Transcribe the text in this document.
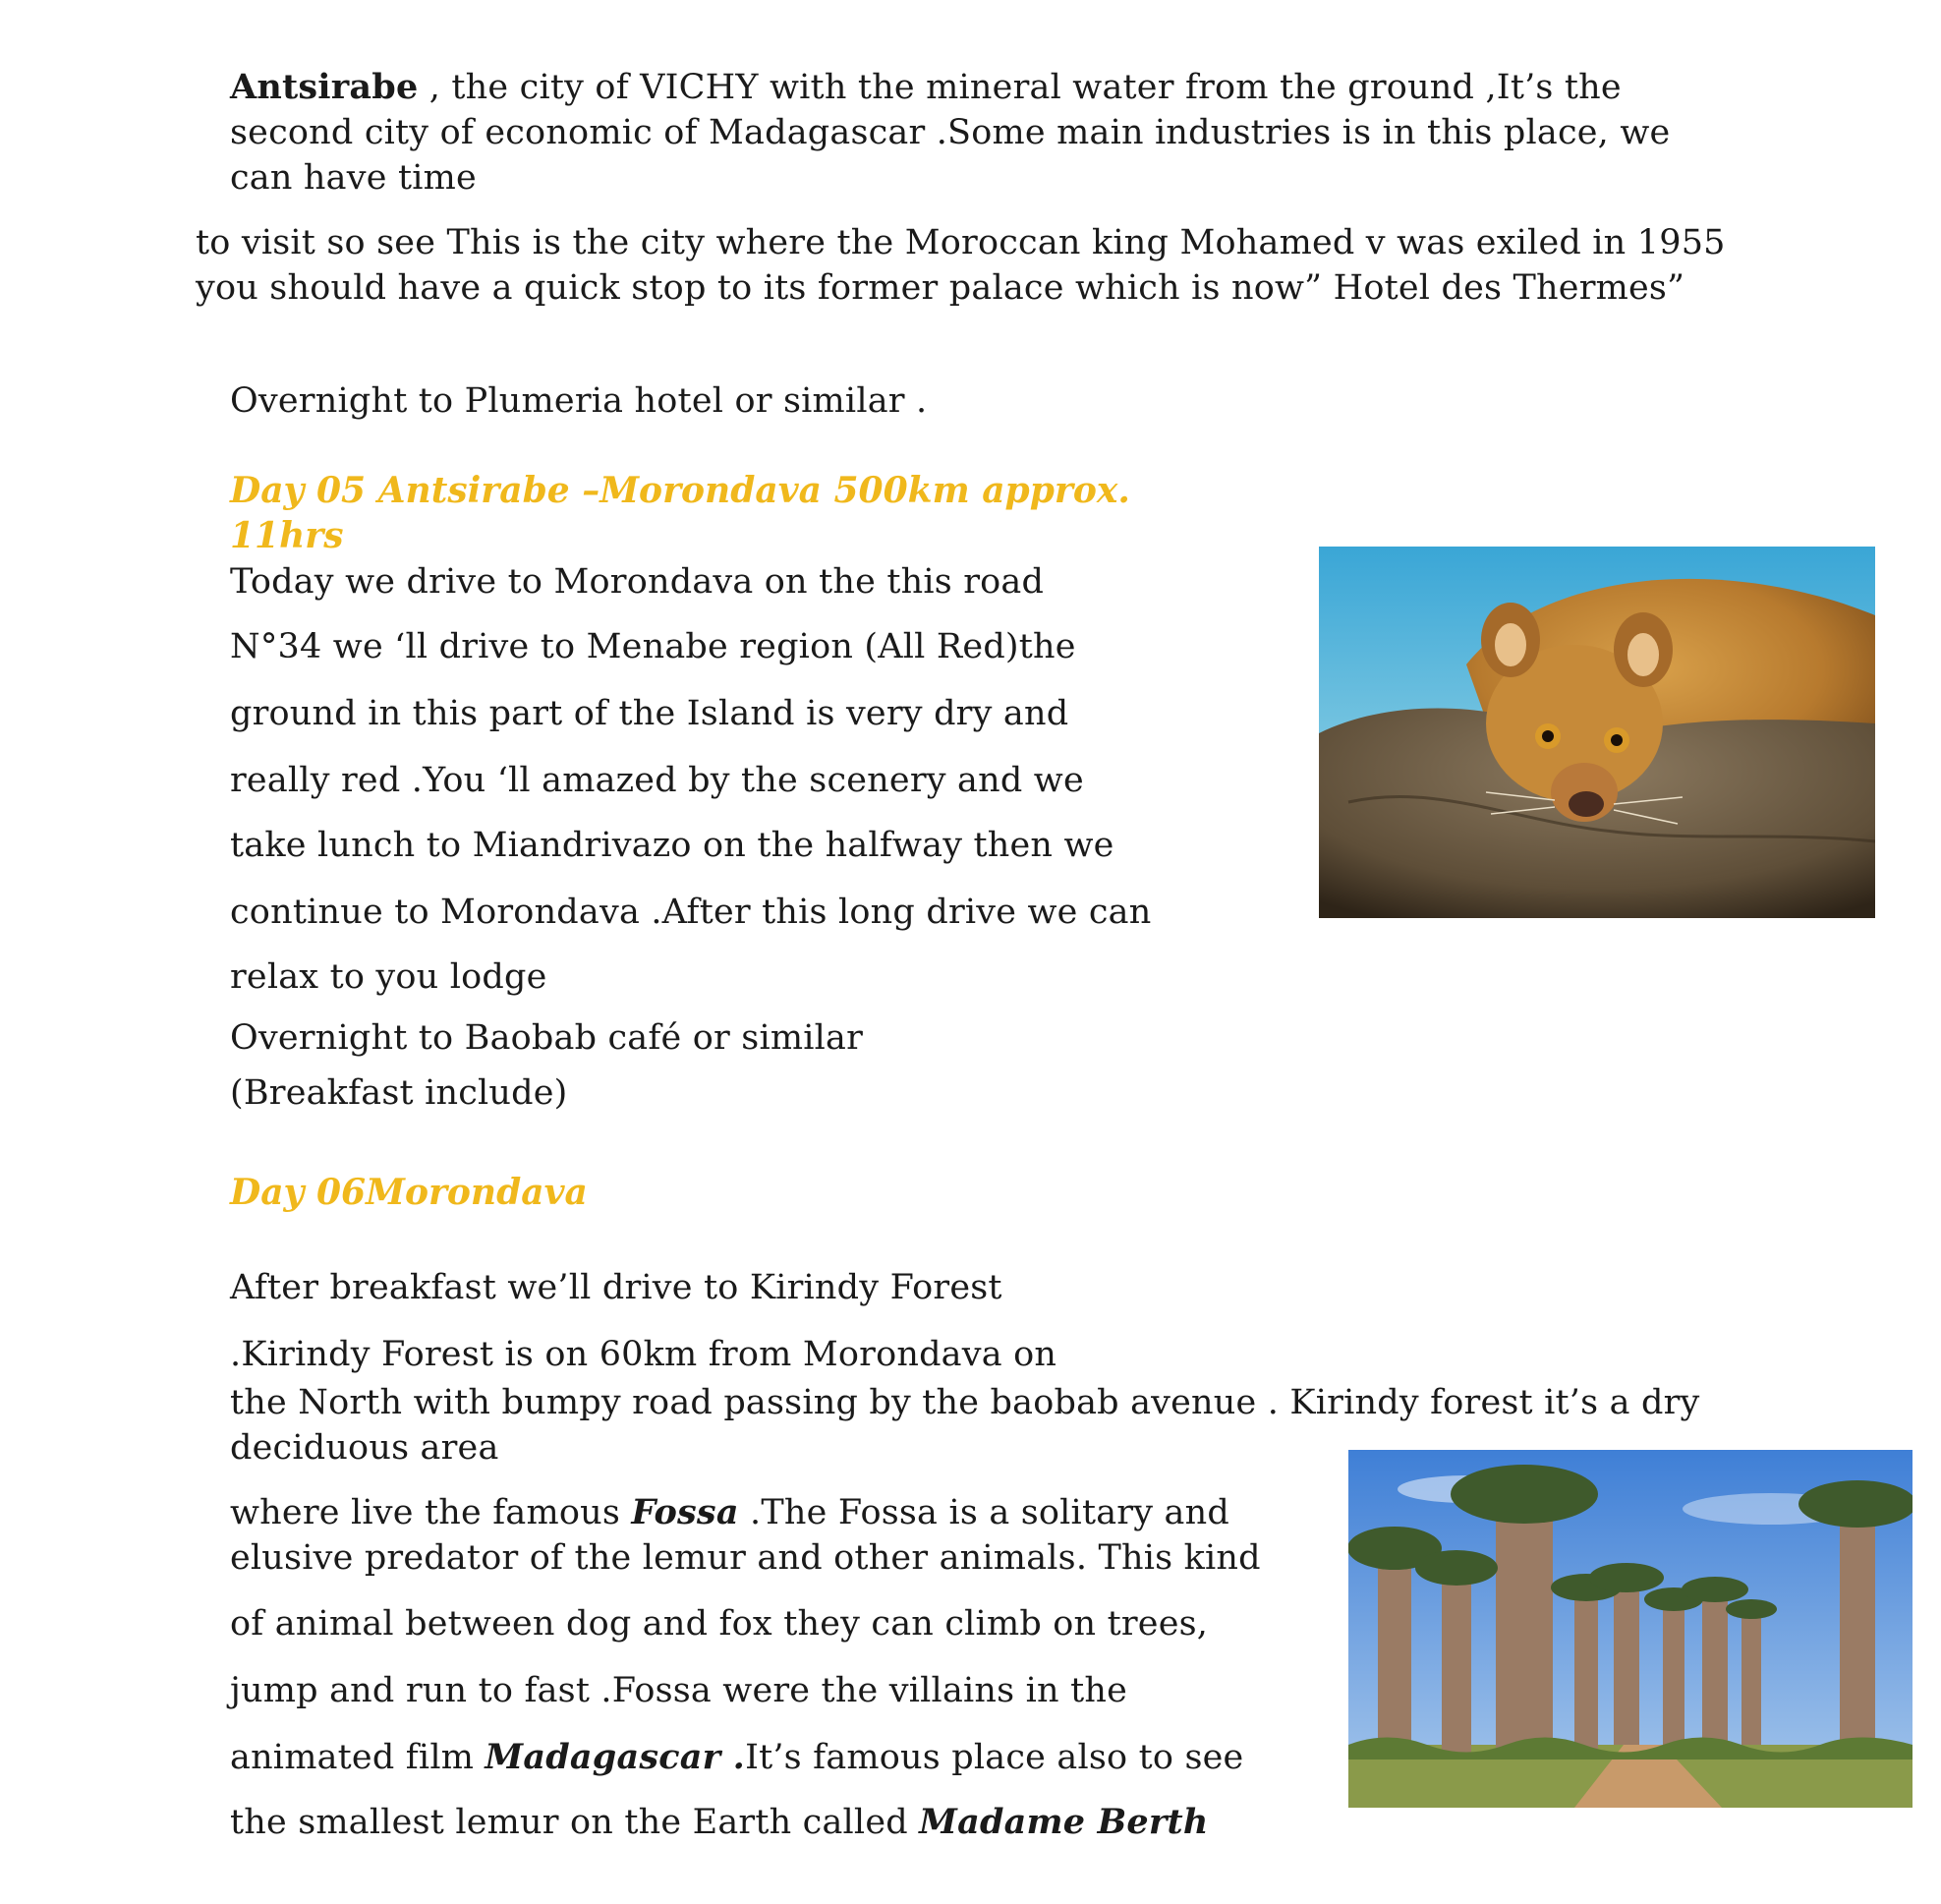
Antsirabe , the city of VICHY with the mineral water from the ground ,It’s the

second city of economic of Madagascar .Some main industries is in this place, we

can have time

to visit so see This is the city where the Moroccan king Mohamed v was exiled in 1955

you should have a quick stop to its former palace which is now” Hotel des Thermes”

Overnight to Plumeria hotel or similar .

Day 05 Antsirabe –Morondava 500km approx.

11hrs

Today we drive to Morondava on the this road

N°34 we ‘ll drive to Menabe region (All Red)the

ground in this part of the Island is very dry and

really red .You ‘ll amazed by the scenery and we

take lunch to Miandrivazo on the halfway then we

continue to Morondava .After this long drive we can

relax to you lodge

Overnight to Baobab café or similar

(Breakfast include)

Day 06Morondava

After breakfast we’ll drive to Kirindy Forest

.Kirindy Forest is on 60km from Morondava on

the North with bumpy road passing by the baobab avenue . Kirindy forest it’s a dry

deciduous area

where live the famous Fossa .The Fossa is a solitary and

elusive predator of the lemur and other animals. This kind

of animal between dog and fox they can climb on trees,

jump and run to fast .Fossa were the villains in the

animated film Madagascar .It’s famous place also to see

the smallest lemur on the Earth called Madame Berth
